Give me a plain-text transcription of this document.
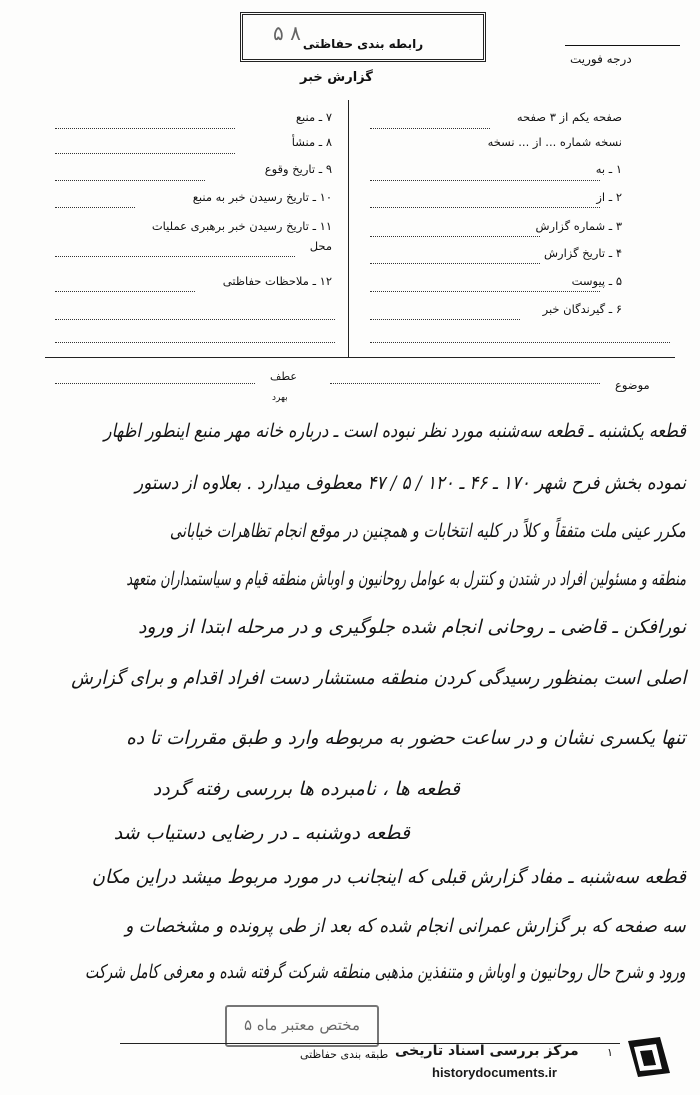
۵ ۸ رابطه بندی حفاظتی
درجه فوریت
گزارش خبر
صفحه یکم از ۳ صفحه
نسخه شماره ... از ... نسخه
۱ ـ به
۲ ـ از
۳ ـ شماره گزارش
۴ ـ تاریخ گزارش
۵ ـ پیوست
۶ ـ گیرندگان خبر
۷ ـ منبع
۸ ـ منشأ
۹ ـ تاریخ وقوع
۱۰ ـ تاریخ رسیدن خبر به منبع
۱۱ ـ تاریخ رسیدن خبر برهبری عملیات
محل
۱۲ ـ ملاحظات حفاظتی
عطف
بهرد
موضوع
قطعه یکشنبه ـ قطعه سه‌شنبه مورد نظر نبوده است ـ درباره خانه مهر منبع اینطور اظهار
نموده بخش فرح شهر ۱۷۰ ـ ۴۶ ـ ۱۲۰ / ۵ / ۴۷ معطوف میدارد . بعلاوه از دستور
مکرر عینی ملت متفقاً و کلاً در کلیه انتخابات و همچنین در موقع انجام تظاهرات خیابانی
منطقه و مسئولین افراد در شتدن و کنترل به عوامل روحانیون و اوباش منطقه قیام و سیاستمداران متعهد
نورافکن ـ قاضی ـ روحانی انجام شده جلوگیری و در مرحله ابتدا از ورود
اصلی است بمنظور رسیدگی کردن منطقه مستشار دست افراد اقدام و برای گزارش
تنها یکسری نشان و در ساعت حضور به مربوطه وارد و طبق مقررات تا ده
قطعه ها ، نامبرده ها بررسی رفته گردد
قطعه دوشنبه ـ در رضایی دستیاب شد
قطعه سه‌شنبه ـ مفاد گزارش قبلی که اینجانب در مورد مربوط میشد دراین مکان
سه صفحه که بر گزارش عمرانی انجام شده که بعد از طی پرونده و مشخصات و
ورود و شرح حال روحانیون و اوباش و متنفذین مذهبی منطقه شرکت گرفته شده و معرفی کامل شرکت
مختص معتبر ماه ۵
طبقه بندی حفاظتی	۱
مرکز بررسی اسناد تاریخی
historydocuments.ir
